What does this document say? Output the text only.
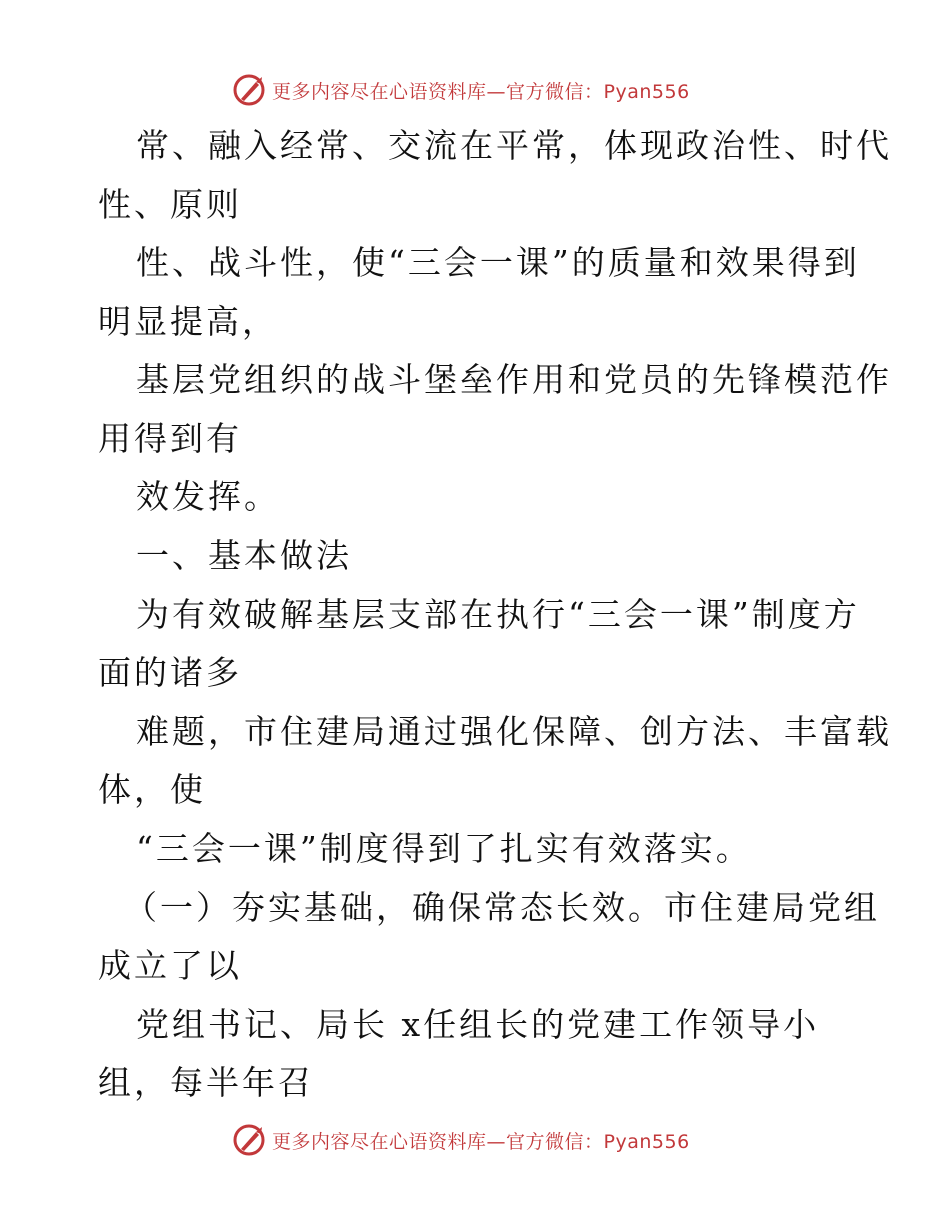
更多内容尽在心语资料库—官方微信：Pyan556
常、融入经常、交流在平常，体现政治性、时代
性、原则
性、战斗性，使“三会一课”的质量和效果得到
明显提高，
基层党组织的战斗堡垒作用和党员的先锋模范作
用得到有
效发挥。
一、基本做法
为有效破解基层支部在执行“三会一课”制度方
面的诸多
难题，市住建局通过强化保障、创方法、丰富载
体，使
“三会一课”制度得到了扎实有效落实。
（一）夯实基础，确保常态长效。市住建局党组
成立了以
党组书记、局长 x任组长的党建工作领导小
组，每半年召
更多内容尽在心语资料库—官方微信：Pyan556
